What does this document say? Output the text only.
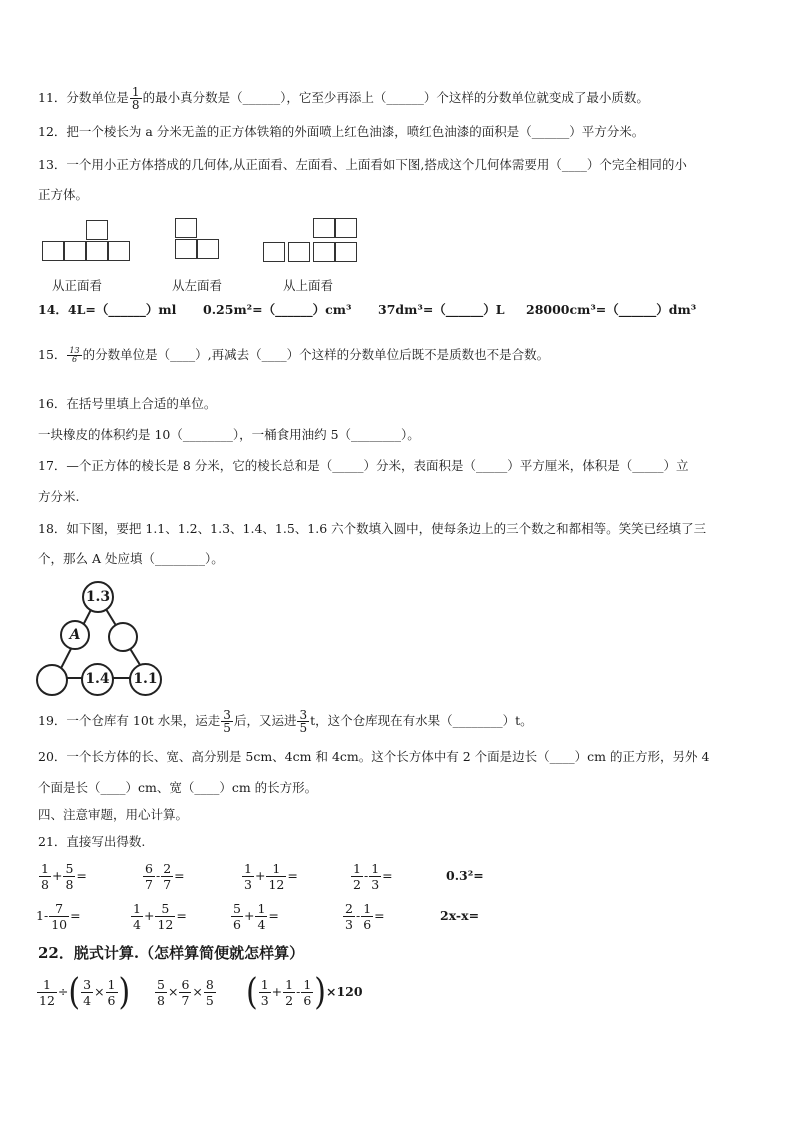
11．分数单位是 $\frac{1}{8}$ 的最小真分数是（______），它至少再添上（______）个这样的分数单位就变成了最小质数。
12．把一个棱长为 a 分米无盖的正方体铁箱的外面喷上红色油漆，喷红色油漆的面积是（______）平方分米。
13．一个用小正方体搭成的几何体,从正面看、左面看、上面看如下图,搭成这个几何体需要用（____）个完全相同的小
正方体。
从正面看	从左面看	从上面看
14．4L=（______）ml 0.25m²=（______）cm³ 37dm³=（______）L 28000cm³=（______）dm³
15． $\frac{13}{6}$ 的分数单位是（____）,再减去（____）个这样的分数单位后既不是质数也不是合数。
16．在括号里填上合适的单位。
一块橡皮的体积约是 10（________），一桶食用油约 5（________）。
17．—个正方体的棱长是 8 分米，它的棱长总和是（_____）分米，表面积是（_____）平方厘米，体积是（_____）立
方分米.
18．如下图，要把 1.1、1.2、1.3、1.4、1.5、1.6 六个数填入圆中，使每条边上的三个数之和都相等。笑笑已经填了三
个，那么 A 处应填（________）。
1.3
A
1.4	1.1
19．一个仓库有 10t 水果，运走 $\frac{3}{5}$ 后，又运进 $\frac{3}{5}$ t，这个仓库现在有水果（________）t。
20．一个长方体的长、宽、高分别是 5cm、4cm 和 4cm。这个长方体中有 2 个面是边长（____）cm 的正方形，另外 4
个面是长（____）cm、宽（____）cm 的长方形。
四、注意审题，用心计算。
21．直接写出得数.
$\frac{1}{8} + \frac{5}{8}$ =	$\frac{6}{7} - \frac{2}{7}$ =	$\frac{1}{3} + \frac{1}{12}$ =	$\frac{1}{2} - \frac{1}{3}$ =	0.3²=
$1- \frac{7}{10}$ =	$\frac{1}{4} + \frac{5}{12}$ =	$\frac{5}{6} + \frac{1}{4}$ =	$\frac{2}{3} - \frac{1}{6}$ =	2x-x=
22．脱式计算.（怎样算简便就怎样算）
$\frac{1}{12}$ ÷( $\frac{3}{4} \times \frac{1}{6}$ ) $\frac{5}{8} \times \frac{6}{7} \times \frac{8}{5}$ ( $\frac{1}{3} + \frac{1}{2} - \frac{1}{6} )\times 120$
